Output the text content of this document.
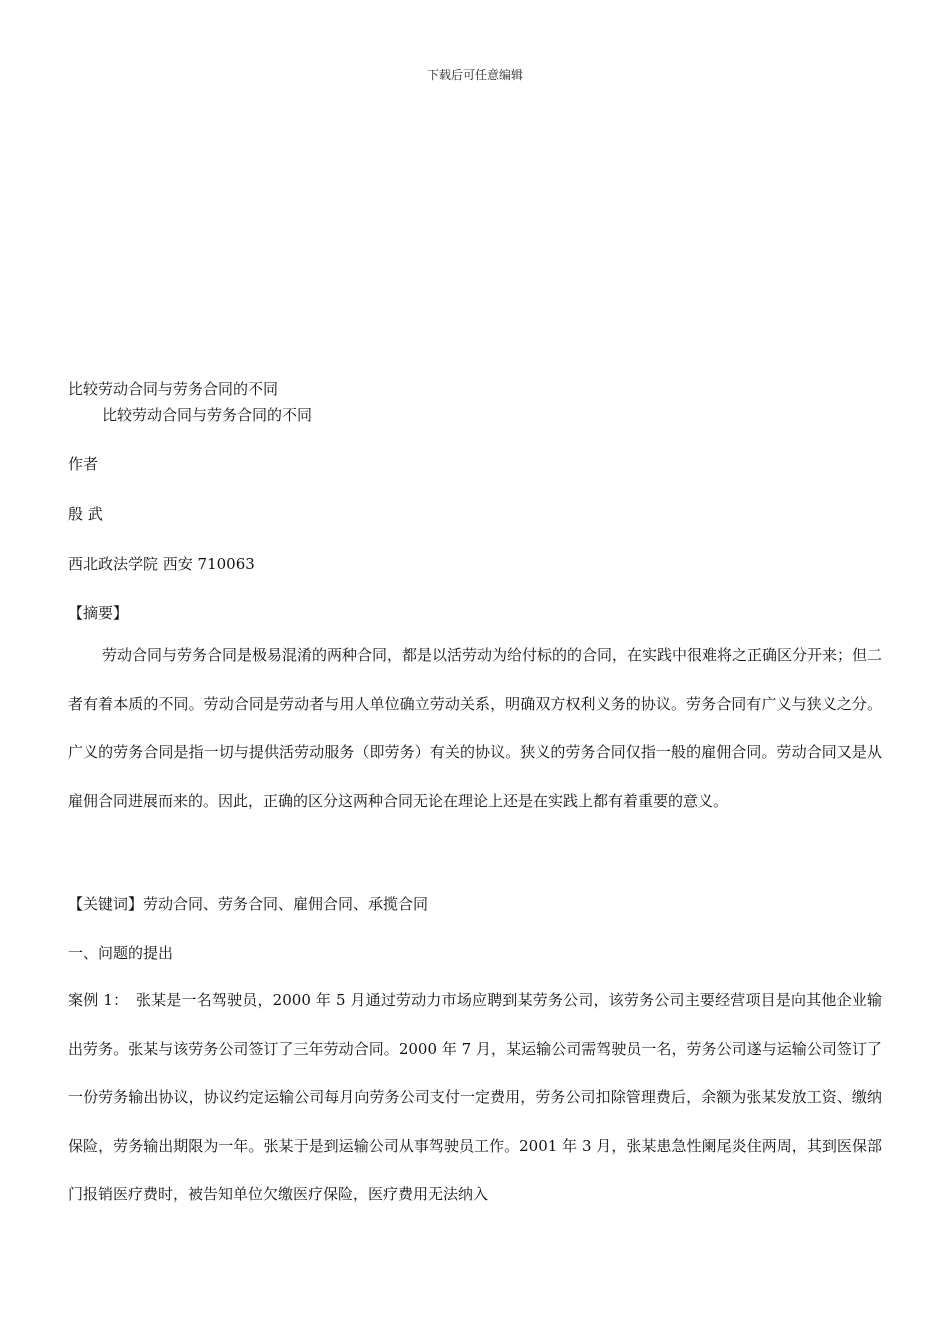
下载后可任意编辑
比较劳动合同与劳务合同的不同
比较劳动合同与劳务合同的不同
作者
殷 武
西北政法学院 西安 710063
【摘要】
劳动合同与劳务合同是极易混淆的两种合同，都是以活劳动为给付标的的合同，在实践中很难将之正确区分开来；但二者有着本质的不同。劳动合同是劳动者与用人单位确立劳动关系，明确双方权利义务的协议。劳务合同有广义与狭义之分。广义的劳务合同是指一切与提供活劳动服务（即劳务）有关的协议。狭义的劳务合同仅指一般的雇佣合同。劳动合同又是从雇佣合同进展而来的。因此，正确的区分这两种合同无论在理论上还是在实践上都有着重要的意义。
【关键词】劳动合同、劳务合同、雇佣合同、承揽合同
一、问题的提出
案例 1：　张某是一名驾驶员，2000 年 5 月通过劳动力市场应聘到某劳务公司，该劳务公司主要经营项目是向其他企业输出劳务。张某与该劳务公司签订了三年劳动合同。2000 年 7 月，某运输公司需驾驶员一名，劳务公司遂与运输公司签订了一份劳务输出协议，协议约定运输公司每月向劳务公司支付一定费用，劳务公司扣除管理费后，余额为张某发放工资、缴纳保险，劳务输出期限为一年。张某于是到运输公司从事驾驶员工作。2001 年 3 月，张某患急性阑尾炎住两周，其到医保部门报销医疗费时，被告知单位欠缴医疗保险，医疗费用无法纳入
